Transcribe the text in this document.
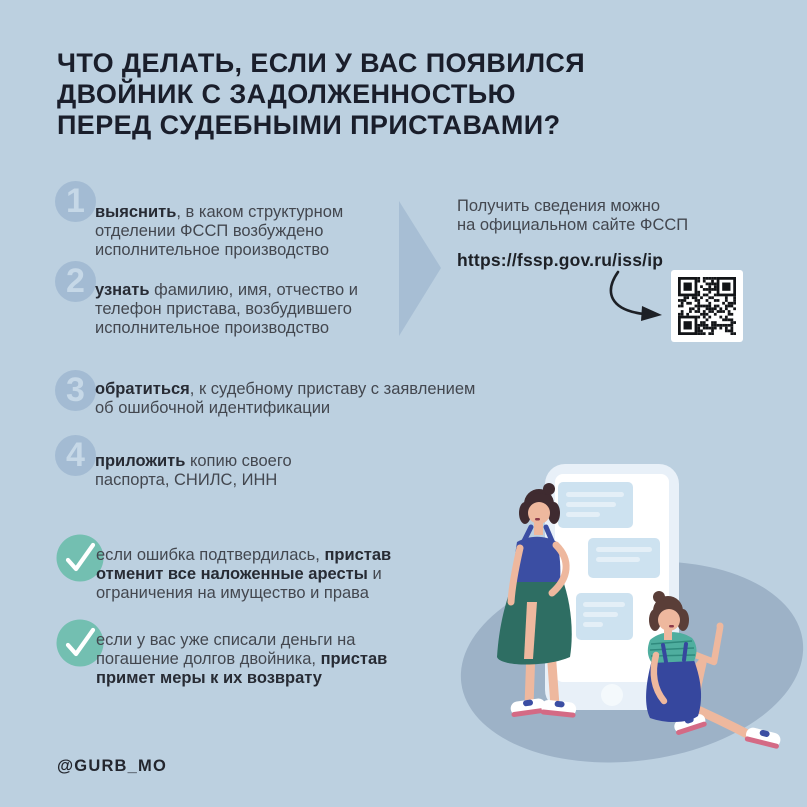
ЧТО ДЕЛАТЬ, ЕСЛИ У ВАС ПОЯВИЛСЯ
ДВОЙНИК С ЗАДОЛЖЕННОСТЬЮ
ПЕРЕД СУДЕБНЫМИ ПРИСТАВАМИ?
1 выяснить, в каком структурном отделении ФССП возбуждено исполнительное производство

2 узнать фамилию, имя, отчество и телефон пристава, возбудившего исполнительное производство

3 обратиться, к судебному приставу с заявлением об ошибочной идентификации

4 приложить копию своего паспорта, СНИЛС, ИНН

Получить сведения можно
на официальном сайте ФССП

https://fssp.gov.ru/iss/ip

если ошибка подтвердилась, пристав отменит все наложенные аресты и ограничения на имущество и права

если у вас уже списали деньги на погашение долгов двойника, пристав примет меры к их возврату

@GURB_MO
